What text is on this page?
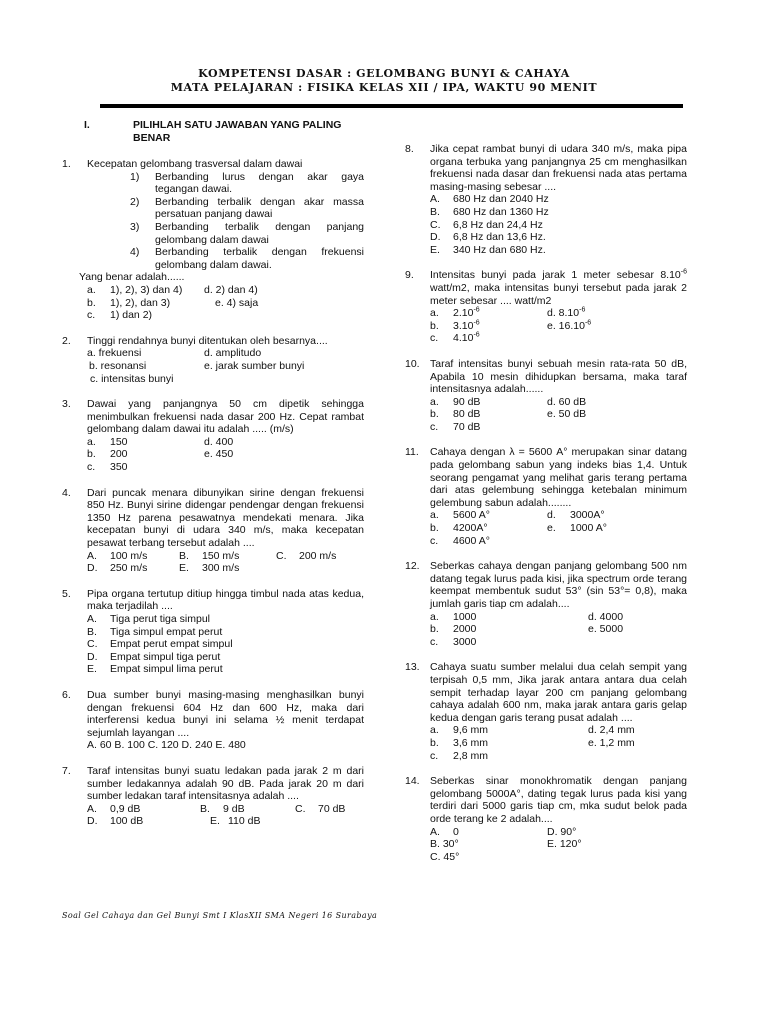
KOMPETENSI DASAR : GELOMBANG BUNYI & CAHAYA
MATA PELAJARAN : FISIKA KELAS XII / IPA, WAKTU 90 MENIT
I.	PILIHLAH SATU JAWABAN YANG PALING BENAR
1. Kecepatan gelombang trasversal dalam dawai
1) Berbanding lurus dengan akar gaya tegangan dawai.
2) Berbanding terbalik dengan akar massa persatuan panjang dawai
3) Berbanding terbalik dengan panjang gelombang dalam dawai
4) Berbanding terbalik dengan frekuensi gelombang dalam dawai.
Yang benar adalah......
a. 1), 2), 3) dan 4)	d. 2) dan 4)
b. 1), 2), dan 3)	e. 4) saja
c. 1) dan 2)
2. Tinggi rendahnya bunyi ditentukan oleh besarnya....
a. frekuensi	d. amplitudo
b. resonansi	e. jarak sumber bunyi
c. intensitas bunyi
3. Dawai yang panjangnya 50 cm dipetik sehingga menimbulkan frekuensi nada dasar 200 Hz. Cepat rambat gelombang dalam dawai itu adalah ..... (m/s)
a. 150	d. 400
b. 200	e. 450
c. 350
4. Dari puncak menara dibunyikan sirine dengan frekuensi 850 Hz. Bunyi sirine didengar pendengar dengan frekuensi 1350 Hz parena pesawatnya mendekati menara. Jika kecepatan bunyi di udara 340 m/s, maka kecepatan pesawat terbang tersebut adalah ....
A. 100 m/s	B. 150 m/s	C. 200 m/s
D. 250 m/s	E. 300 m/s
5. Pipa organa tertutup ditiup hingga timbul nada atas kedua, maka terjadilah ....
A. Tiga perut tiga simpul
B. Tiga simpul empat perut
C. Empat perut empat simpul
D. Empat simpul tiga perut
E. Empat simpul lima perut
6. Dua sumber bunyi masing-masing menghasilkan bunyi dengan frekuensi 604 Hz dan 600 Hz, maka dari interferensi kedua bunyi ini selama ½ menit terdapat sejumlah layangan ....
A. 60 B. 100 C. 120 D. 240 E. 480
7. Taraf intensitas bunyi suatu ledakan pada jarak 2 m dari sumber ledakannya adalah 90 dB. Pada jarak 20 m dari sumber ledakan taraf intensitasnya adalah ....
A. 0,9 dB	B. 9 dB	C. 70 dB
D. 100 dB	E. 110 dB
8. Jika cepat rambat bunyi di udara 340 m/s, maka pipa organa terbuka yang panjangnya 25 cm menghasilkan frekuensi nada dasar dan frekuensi nada atas pertama masing-masing sebesar ....
A. 680 Hz dan 2040 Hz
B. 680 Hz dan 1360 Hz
C. 6,8 Hz dan 24,4 Hz
D. 6,8 Hz dan 13,6 Hz.
E. 340 Hz dan 680 Hz.
9. Intensitas bunyi pada jarak 1 meter sebesar $8.10^{-6}$ watt/m2, maka intensitas bunyi tersebut pada jarak 2 meter sebesar .... watt/m2
a. $2.10^{-6}$	d. $8.10^{-6}$
b. $3.10^{-6}$	e. $16.10^{-6}$
c. $4.10^{-6}$
10. Taraf intensitas bunyi sebuah mesin rata-rata 50 dB, Apabila 10 mesin dihidupkan bersama, maka taraf intensitasnya adalah......
a. 90 dB	d. 60 dB
b. 80 dB	e. 50 dB
c. 70 dB
11. Cahaya dengan λ = 5600 A° merupakan sinar datang pada gelombang sabun yang indeks bias 1,4. Untuk seorang pengamat yang melihat garis terang pertama dari atas gelembung sehingga ketebalan minimum gelembung sabun adalah........
a. 5600 A°	d. 3000A°
b. 4200A°	e. 1000 A°
c. 4600 A°
12. Seberkas cahaya dengan panjang gelombang 500 nm datang tegak lurus pada kisi, jika spectrum orde terang keempat membentuk sudut 53° (sin 53°= 0,8), maka jumlah garis tiap cm adalah....
a. 1000	d. 4000
b. 2000	e. 5000
c. 3000
13. Cahaya suatu sumber melalui dua celah sempit yang terpisah 0,5 mm, Jika jarak antara antara dua celah sempit terhadap layar 200 cm panjang gelombang cahaya adalah 600 nm, maka jarak antara garis gelap kedua dengan garis terang pusat adalah ....
a. 9,6 mm	d. 2,4 mm
b. 3,6 mm	e. 1,2 mm
c. 2,8 mm
14. Seberkas sinar monokhromatik dengan panjang gelombang 5000A°, dating tegak lurus pada kisi yang terdiri dari 5000 garis tiap cm, mka sudut belok pada orde terang ke 2 adalah....
A. 0	D. 90°
B. 30°	E. 120°
C. 45°
Soal Gel Cahaya dan Gel Bunyi Smt I KlasXII SMA Negeri 16 Surabaya
